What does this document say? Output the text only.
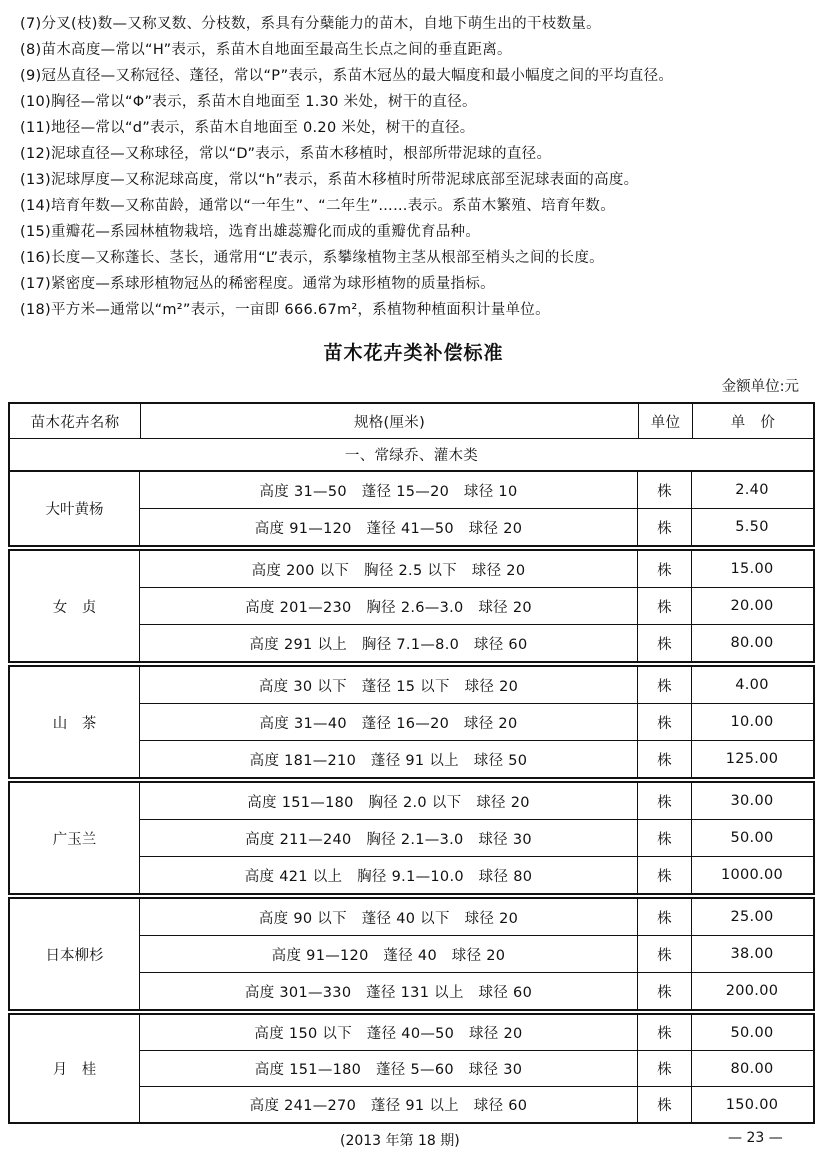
(7)分叉(枝)数—又称叉数、分枝数，系具有分蘖能力的苗木，自地下萌生出的干枝数量。
(8)苗木高度—常以“H”表示，系苗木自地面至最高生长点之间的垂直距离。
(9)冠丛直径—又称冠径、蓬径，常以“P”表示，系苗木冠丛的最大幅度和最小幅度之间的平均直径。
(10)胸径—常以“Φ”表示，系苗木自地面至 1.30 米处，树干的直径。
(11)地径—常以“d”表示，系苗木自地面至 0.20 米处，树干的直径。
(12)泥球直径—又称球径，常以“D”表示，系苗木移植时，根部所带泥球的直径。
(13)泥球厚度—又称泥球高度，常以“h”表示，系苗木移植时所带泥球底部至泥球表面的高度。
(14)培育年数—又称苗龄，通常以“一年生”、“二年生”……表示。系苗木繁殖、培育年数。
(15)重瓣花—系园林植物栽培，选育出雄蕊瓣化而成的重瓣优育品种。
(16)长度—又称蓬长、茎长，通常用“L”表示，系攀缘植物主茎从根部至梢头之间的长度。
(17)紧密度—系球形植物冠丛的稀密程度。通常为球形植物的质量指标。
(18)平方米—通常以“m²”表示，一亩即 666.67m²，系植物种植面积计量单位。
苗木花卉类补偿标准
金额单位:元
苗木花卉名称	规格(厘米)	单位	单　价
一、常绿乔、灌木类
大叶黄杨
高度 31—50　蓬径 15—20　球径 10	株	2.40
高度 91—120　蓬径 41—50　球径 20	株	5.50
女　贞
高度 200 以下　胸径 2.5 以下　球径 20	株	15.00
高度 201—230　胸径 2.6—3.0　球径 20	株	20.00
高度 291 以上　胸径 7.1—8.0　球径 60	株	80.00
山　茶
高度 30 以下　蓬径 15 以下　球径 20	株	4.00
高度 31—40　蓬径 16—20　球径 20	株	10.00
高度 181—210　蓬径 91 以上　球径 50	株	125.00
广玉兰
高度 151—180　胸径 2.0 以下　球径 20	株	30.00
高度 211—240　胸径 2.1—3.0　球径 30	株	50.00
高度 421 以上　胸径 9.1—10.0　球径 80	株	1000.00
日本柳杉
高度 90 以下　蓬径 40 以下　球径 20	株	25.00
高度 91—120　蓬径 40　球径 20	株	38.00
高度 301—330　蓬径 131 以上　球径 60	株	200.00
月　桂
高度 150 以下　蓬径 40—50　球径 20	株	50.00
高度 151—180　蓬径 5—60　球径 30	株	80.00
高度 241—270　蓬径 91 以上　球径 60	株	150.00
(2013 年第 18 期)	— 23 —
